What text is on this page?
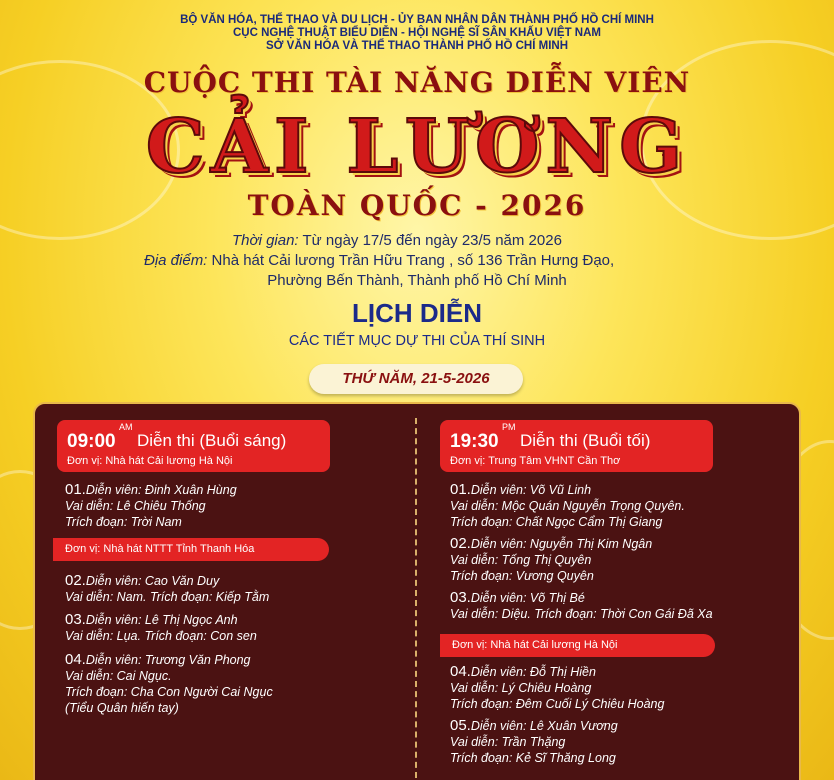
BỘ VĂN HÓA, THỂ THAO VÀ DU LỊCH - ỦY BAN NHÂN DÂN THÀNH PHỐ HỒ CHÍ MINH
CỤC NGHỆ THUẬT BIỂU DIỄN - HỘI NGHỆ SĨ SÂN KHẤU VIỆT NAM
SỞ VĂN HÓA VÀ THỂ THAO THÀNH PHỐ HỒ CHÍ MINH
CUỘC THI TÀI NĂNG DIỄN VIÊN
CẢI LƯƠNG
TOÀN QUỐC - 2026
Thời gian: Từ ngày 17/5 đến ngày 23/5 năm 2026
Địa điểm: Nhà hát Cải lương Trần Hữu Trang , số 136 Trần Hưng Đạo,
Phường Bến Thành, Thành phố Hồ Chí Minh
LỊCH DIỄN
CÁC TIẾT MỤC DỰ THI CỦA THÍ SINH
THỨ NĂM, 21-5-2026
09:00
AM
Diễn thi (Buổi sáng)
Đơn vị: Nhà hát Cải lương Hà Nội
01.Diễn viên: Đinh Xuân Hùng
Vai diễn: Lê Chiêu Thống
Trích đoạn: Trời Nam
Đơn vị: Nhà hát NTTT Tỉnh Thanh Hóa
02.Diễn viên: Cao Văn Duy
Vai diễn: Nam. Trích đoạn: Kiếp Tằm
03.Diễn viên: Lê Thị Ngọc Anh
Vai diễn: Lụa. Trích đoạn: Con sen
04.Diễn viên: Trương Văn Phong
Vai diễn: Cai Ngục.
Trích đoạn: Cha Con Người Cai Ngục
(Tiểu Quân hiến tay)
19:30
PM
Diễn thi (Buổi tối)
Đơn vị: Trung Tâm VHNT Cần Thơ
01.Diễn viên: Võ Vũ Linh
Vai diễn: Mộc Quán Nguyễn Trọng Quyên.
Trích đoạn: Chất Ngọc Cẩm Thị Giang
02.Diễn viên: Nguyễn Thị Kim Ngân
Vai diễn: Tống Thị Quyên
Trích đoạn: Vương Quyên
03.Diễn viên: Võ Thị Bé
Vai diễn: Diệu. Trích đoạn: Thời Con Gái Đã Xa
Đơn vị: Nhà hát Cải lương Hà Nội
04.Diễn viên: Đỗ Thị Hiền
Vai diễn: Lý Chiêu Hoàng
Trích đoạn: Đêm Cuối Lý Chiêu Hoàng
05.Diễn viên: Lê Xuân Vương
Vai diễn: Trần Thặng
Trích đoạn: Kẻ Sĩ Thăng Long
